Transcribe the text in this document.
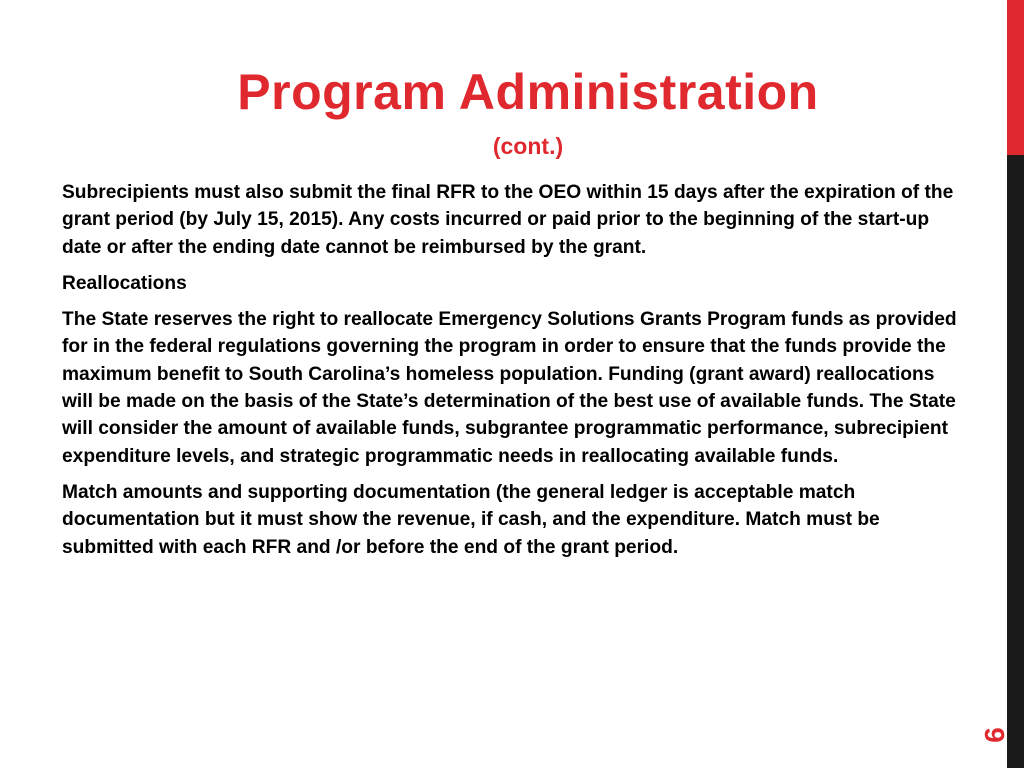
Program Administration
(cont.)

Subrecipients must also submit the final RFR to the OEO within 15 days after the expiration of the grant period (by July 15, 2015). Any costs incurred or paid prior to the beginning of the start-up date or after the ending date cannot be reimbursed by the grant.

Reallocations

The State reserves the right to reallocate Emergency Solutions Grants Program funds as provided for in the federal regulations governing the program in order to ensure that the funds provide the maximum benefit to South Carolina’s homeless population. Funding (grant award) reallocations will be made on the basis of the State’s determination of the best use of available funds. The State will consider the amount of available funds, subgrantee programmatic performance, subrecipient expenditure levels, and strategic programmatic needs in reallocating available funds.

Match amounts and supporting documentation (the general ledger is acceptable match documentation but it must show the revenue, if cash, and the expenditure. Match must be submitted with each RFR and /or before the end of the grant period.

9
